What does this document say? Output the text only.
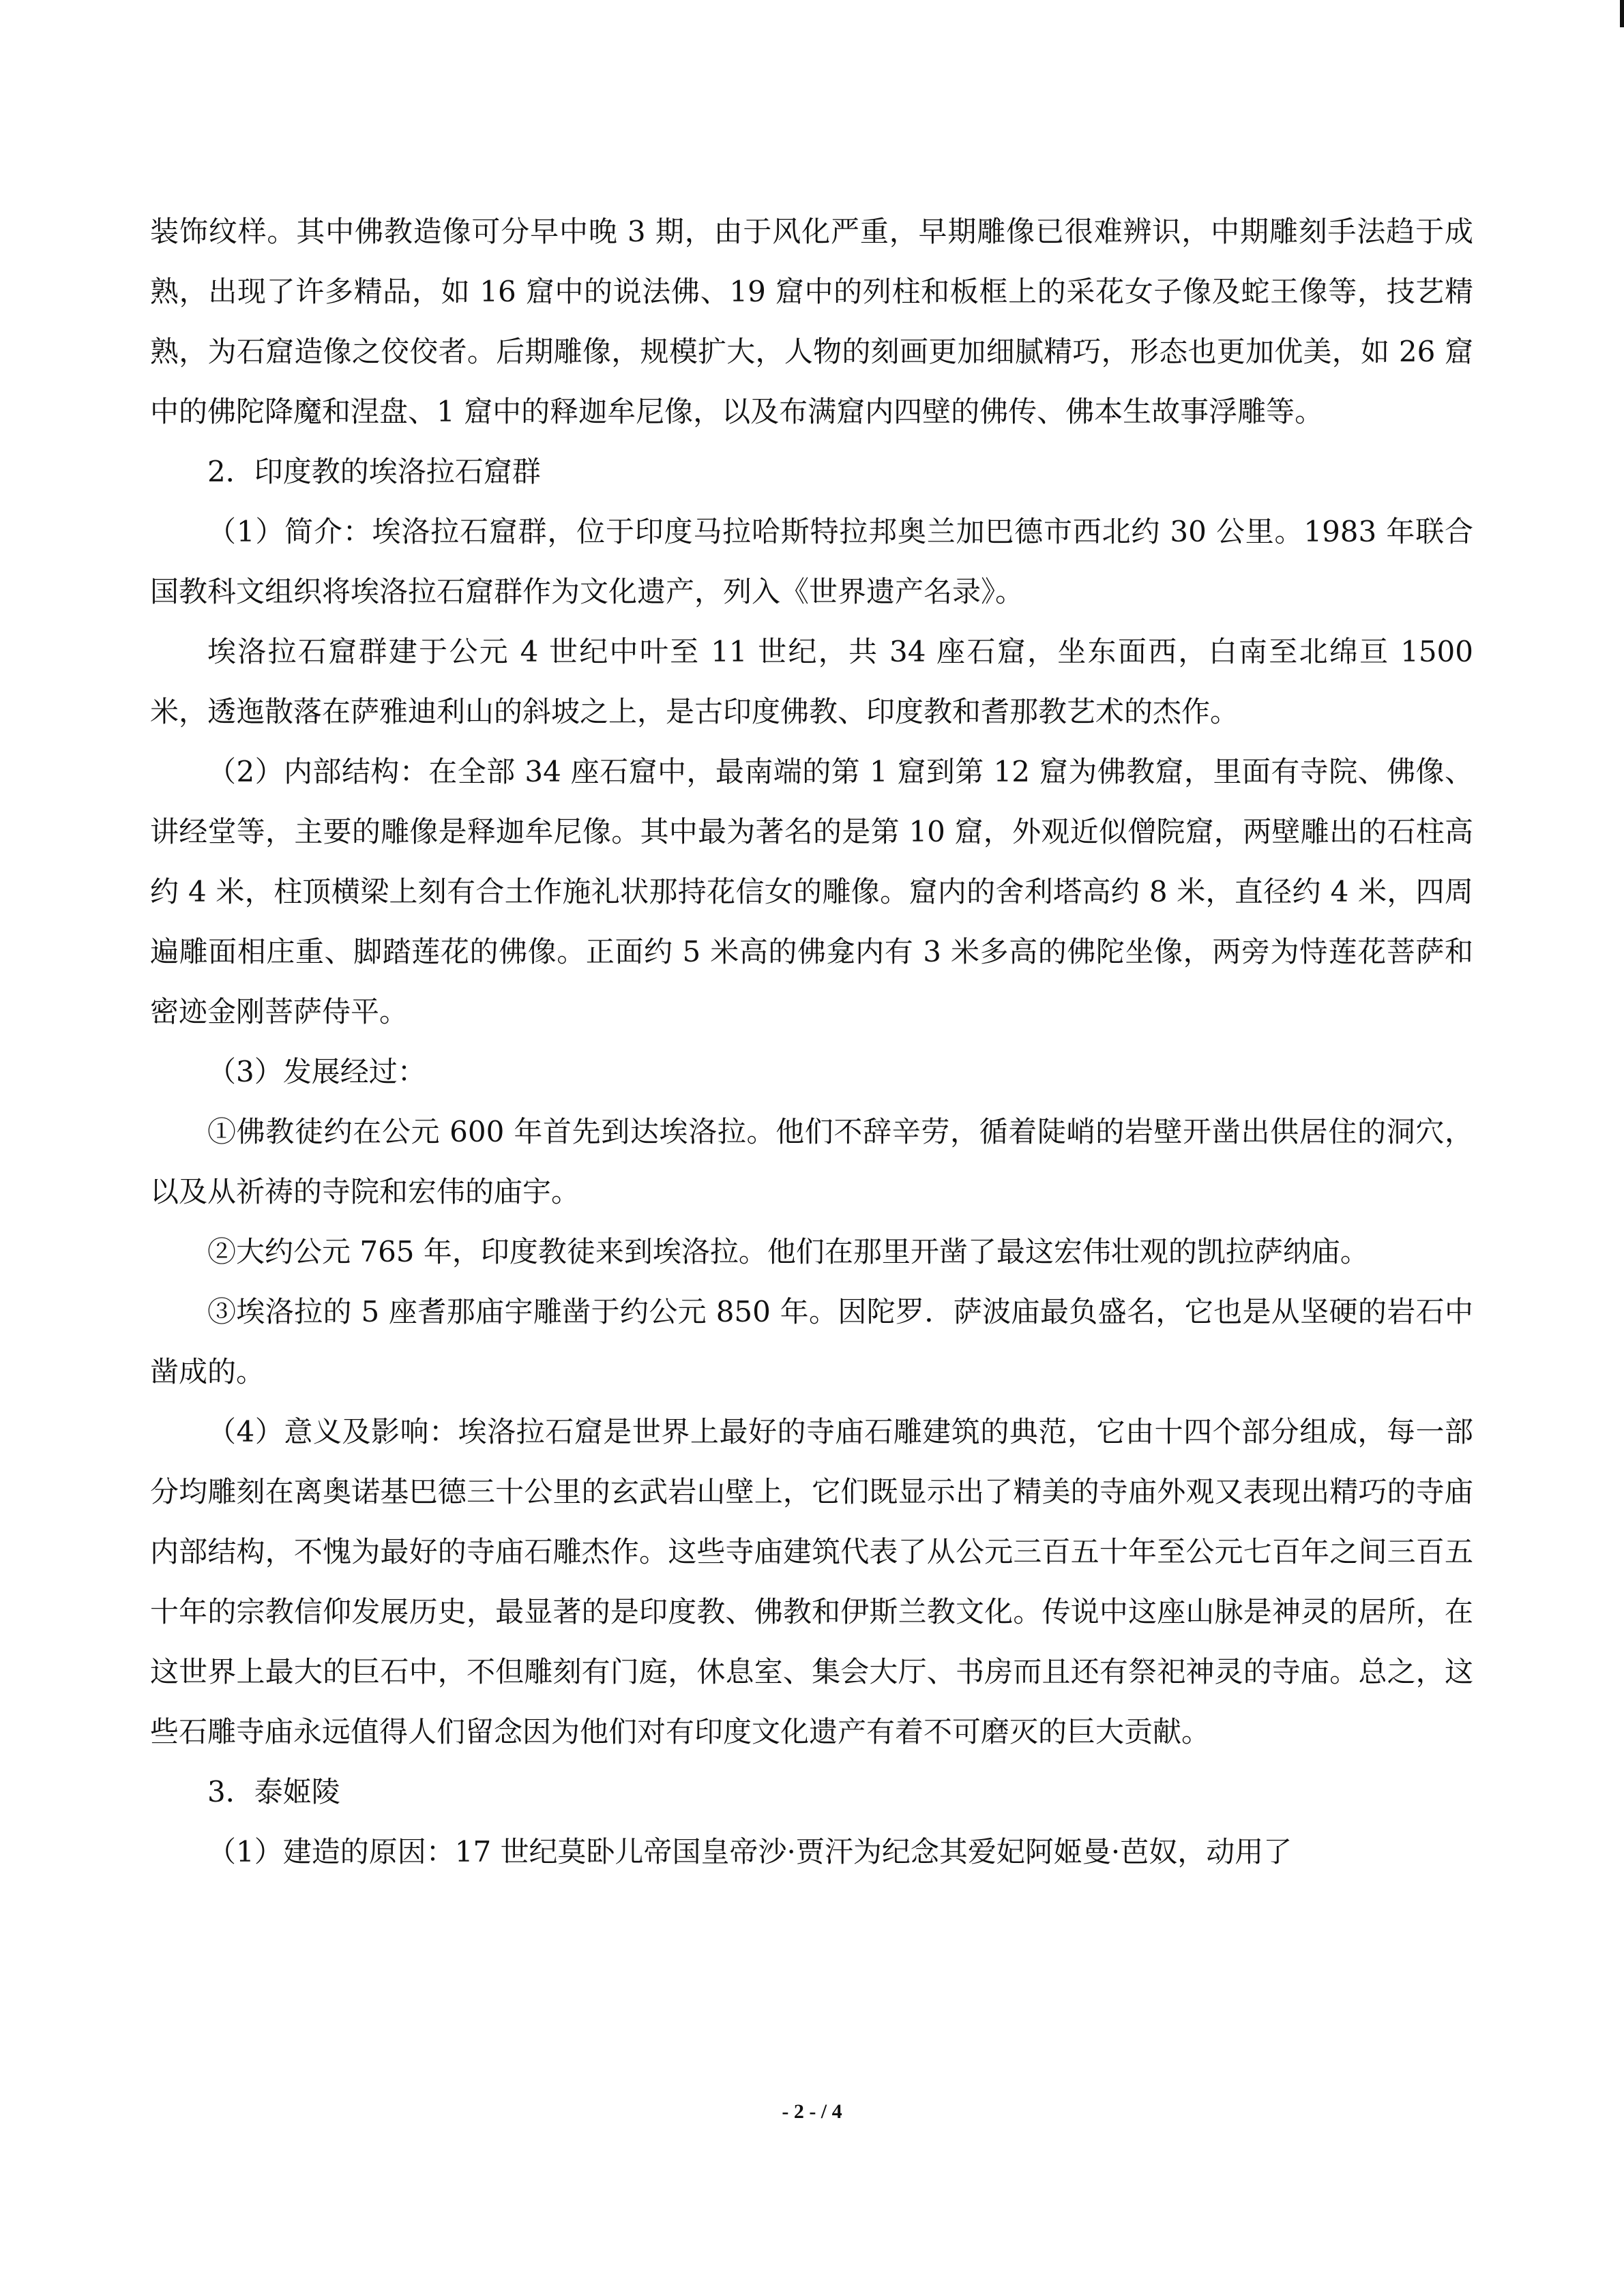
装饰纹样。其中佛教造像可分早中晚 3 期，由于风化严重，早期雕像已很难辨识，中期雕刻手法趋于成熟，出现了许多精品，如 16 窟中的说法佛、19 窟中的列柱和板框上的采花女子像及蛇王像等，技艺精熟，为石窟造像之佼佼者。后期雕像，规模扩大，人物的刻画更加细腻精巧，形态也更加优美，如 26 窟中的佛陀降魔和涅盘、1 窟中的释迦牟尼像，以及布满窟内四壁的佛传、佛本生故事浮雕等。

2．印度教的埃洛拉石窟群

（1）简介：埃洛拉石窟群，位于印度马拉哈斯特拉邦奥兰加巴德市西北约 30 公里。1983 年联合国教科文组织将埃洛拉石窟群作为文化遗产，列入《世界遗产名录》。

埃洛拉石窟群建于公元 4 世纪中叶至 11 世纪，共 34 座石窟，坐东面西，白南至北绵亘 1500 米，透迤散落在萨雅迪利山的斜坡之上，是古印度佛教、印度教和耆那教艺术的杰作。

（2）内部结构：在全部 34 座石窟中，最南端的第 1 窟到第 12 窟为佛教窟，里面有寺院、佛像、讲经堂等，主要的雕像是释迦牟尼像。其中最为著名的是第 10 窟，外观近似僧院窟，两壁雕出的石柱高约 4 米，柱顶横梁上刻有合土作施礼状那持花信女的雕像。窟内的舍利塔高约 8 米，直径约 4 米，四周遍雕面相庄重、脚踏莲花的佛像。正面约 5 米高的佛龛内有 3 米多高的佛陀坐像，两旁为恃莲花菩萨和密迹金刚菩萨侍平。

（3）发展经过：

①佛教徒约在公元 600 年首先到达埃洛拉。他们不辞辛劳，循着陡峭的岩壁开凿出供居住的洞穴，以及从祈祷的寺院和宏伟的庙宇。

②大约公元 765 年，印度教徒来到埃洛拉。他们在那里开凿了最这宏伟壮观的凯拉萨纳庙。

③埃洛拉的 5 座耆那庙宇雕凿于约公元 850 年。因陀罗．萨波庙最负盛名，它也是从坚硬的岩石中凿成的。

（4）意义及影响：埃洛拉石窟是世界上最好的寺庙石雕建筑的典范，它由十四个部分组成，每一部分均雕刻在离奥诺基巴德三十公里的玄武岩山壁上，它们既显示出了精美的寺庙外观又表现出精巧的寺庙内部结构，不愧为最好的寺庙石雕杰作。这些寺庙建筑代表了从公元三百五十年至公元七百年之间三百五十年的宗教信仰发展历史，最显著的是印度教、佛教和伊斯兰教文化。传说中这座山脉是神灵的居所，在这世界上最大的巨石中，不但雕刻有门庭，休息室、集会大厅、书房而且还有祭祀神灵的寺庙。总之，这些石雕寺庙永远值得人们留念因为他们对有印度文化遗产有着不可磨灭的巨大贡献。

3．泰姬陵

（1）建造的原因：17 世纪莫卧儿帝国皇帝沙·贾汗为纪念其爱妃阿姬曼·芭奴，动用了

- 2 - / 4
